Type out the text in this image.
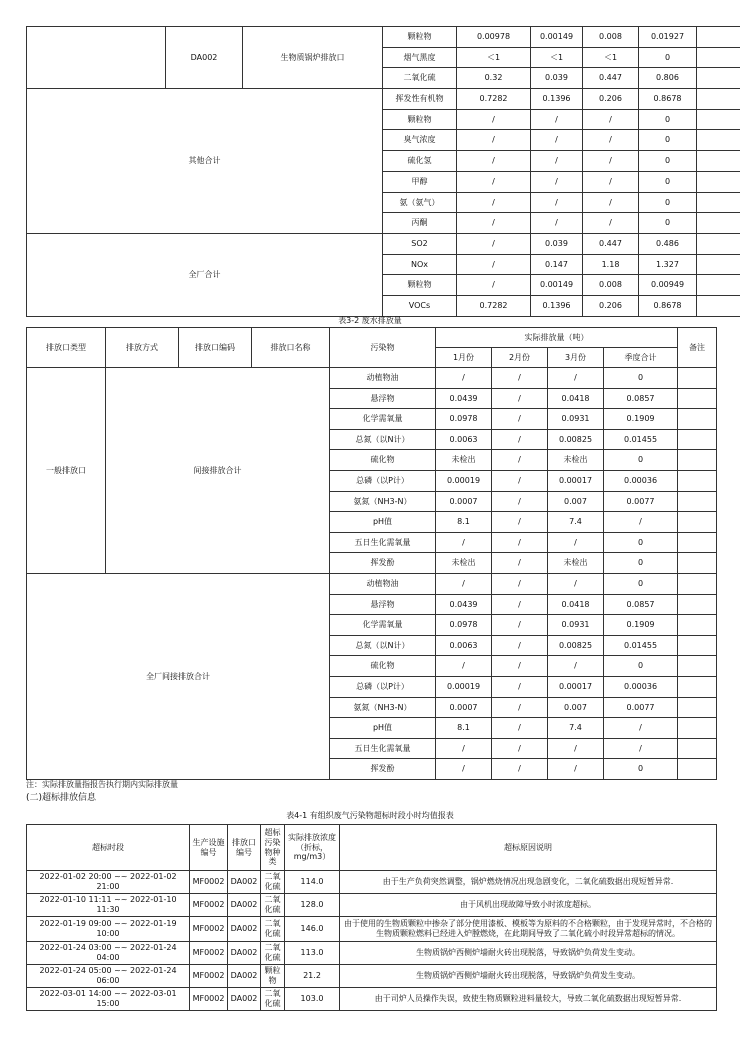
	DA002	生物质锅炉排放口	颗粒物	0.00978	0.00149	0.008	0.01927	
			烟气黑度	＜1	＜1	＜1	0	
			二氧化硫	0.32	0.039	0.447	0.806	
其他合计			挥发性有机物	0.7282	0.1396	0.206	0.8678	
			颗粒物	/	/	/	0	
			臭气浓度	/	/	/	0	
			硫化氢	/	/	/	0	
			甲醇	/	/	/	0	
			氨（氨气）	/	/	/	0	
			丙酮	/	/	/	0	
全厂合计			SO2	/	0.039	0.447	0.486	
			NOx	/	0.147	1.18	1.327	
			颗粒物	/	0.00149	0.008	0.00949	
			VOCs	0.7282	0.1396	0.206	0.8678	
表3-2 废水排放量
排放口类型	排放方式	排放口编码	排放口名称	污染物	实际排放量（吨）				备注
					1月份	2月份	3月份	季度合计	
一般排放口	间接排放合计			动植物油	/	/	/	0	
				悬浮物	0.0439	/	0.0418	0.0857	
				化学需氧量	0.0978	/	0.0931	0.1909	
				总氮（以N计）	0.0063	/	0.00825	0.01455	
				硫化物	未检出	/	未检出	0	
				总磷（以P计）	0.00019	/	0.00017	0.00036	
				氨氮（NH3-N）	0.0007	/	0.007	0.0077	
				pH值	8.1	/	7.4	/	
				五日生化需氧量	/	/	/	0	
				挥发酚	未检出	/	未检出	0	
全厂间接排放合计				动植物油	/	/	/	0	
				悬浮物	0.0439	/	0.0418	0.0857	
				化学需氧量	0.0978	/	0.0931	0.1909	
				总氮（以N计）	0.0063	/	0.00825	0.01455	
				硫化物	/	/	/	0	
				总磷（以P计）	0.00019	/	0.00017	0.00036	
				氨氮（NH3-N）	0.0007	/	0.007	0.0077	
				pH值	8.1	/	7.4	/	
				五日生化需氧量	/	/	/	/	
				挥发酚	/	/	/	0	
注：实际排放量指报告执行期内实际排放量
(二)超标排放信息
表4-1 有组织废气污染物超标时段小时均值报表
超标时段	生产设施编号	排放口编号	超标污染物种类	实际排放浓度（折标，mg/m3）	超标原因说明
2022-01-02 20:00 ~~ 2022-01-02 21:00	MF0002	DA002	二氧化硫	114.0	由于生产负荷突然调整，锅炉燃烧情况出现急剧变化，二氧化硫数据出现短暂异常.
2022-01-10 11:11 ~~ 2022-01-10 11:30	MF0002	DA002	二氧化硫	128.0	由于风机出现故障导致小时浓度超标。
2022-01-19 09:00 ~~ 2022-01-19 10:00	MF0002	DA002	二氧化硫	146.0	由于使用的生物质颗粒中掺杂了部分使用漆板、模板等为原料的不合格颗粒，由于发现异常时，不合格的生物质颗粒燃料已经进入炉膛燃烧，在此期间导致了二氧化硫小时段异常超标的情况。
2022-01-24 03:00 ~~ 2022-01-24 04:00	MF0002	DA002	二氧化硫	113.0	生物质锅炉西侧炉墙耐火砖出现脱落，导致锅炉负荷发生变动。
2022-01-24 05:00 ~~ 2022-01-24 06:00	MF0002	DA002	颗粒物	21.2	生物质锅炉西侧炉墙耐火砖出现脱落，导致锅炉负荷发生变动。
2022-03-01 14:00 ~~ 2022-03-01 15:00	MF0002	DA002	二氧化硫	103.0	由于司炉人员操作失误，致使生物质颗粒进料量较大，导致二氧化硫数据出现短暂异常.
